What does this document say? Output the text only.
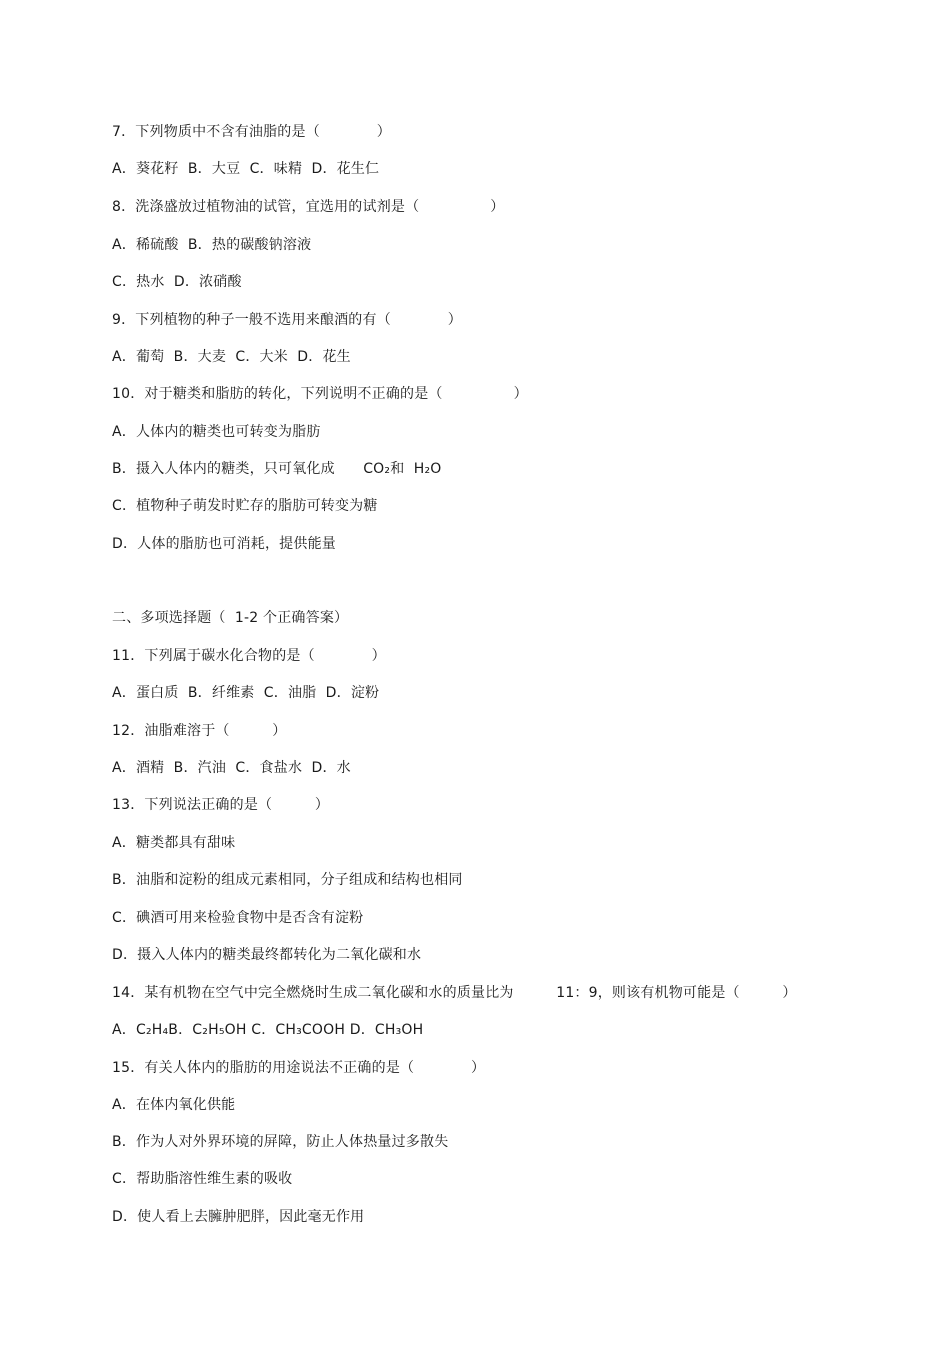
7．下列物质中不含有油脂的是（　　　　）
A．葵花籽  B．大豆  C．味精  D．花生仁
8．洗涤盛放过植物油的试管，宜选用的试剂是（　　　　　）
A．稀硫酸  B．热的碳酸钠溶液
C．热水  D．浓硝酸
9．下列植物的种子一般不选用来酿酒的有（　　　　）
A．葡萄  B．大麦  C．大米  D．花生
10．对于糖类和脂肪的转化，下列说明不正确的是（　　　　　）
A．人体内的糖类也可转变为脂肪
B．摄入人体内的糖类，只可氧化成　　CO₂和  H₂O
C．植物种子萌发时贮存的脂肪可转变为糖
D．人体的脂肪也可消耗，提供能量
二、多项选择题（  1-2 个正确答案）
11．下列属于碳水化合物的是（　　　　）
A．蛋白质  B．纤维素  C．油脂  D．淀粉
12．油脂难溶于（　　　）
A．酒精  B．汽油  C．食盐水  D．水
13．下列说法正确的是（　　　）
A．糖类都具有甜味
B．油脂和淀粉的组成元素相同，分子组成和结构也相同
C．碘酒可用来检验食物中是否含有淀粉
D．摄入人体内的糖类最终都转化为二氧化碳和水
14．某有机物在空气中完全燃烧时生成二氧化碳和水的质量比为　　　11：9，则该有机物可能是（　　　）
A．C₂H₄B．C₂H₅OH C．CH₃COOH D．CH₃OH
15．有关人体内的脂肪的用途说法不正确的是（　　　　）
A．在体内氧化供能
B．作为人对外界环境的屏障，防止人体热量过多散失
C．帮助脂溶性维生素的吸收
D．使人看上去臃肿肥胖，因此毫无作用
